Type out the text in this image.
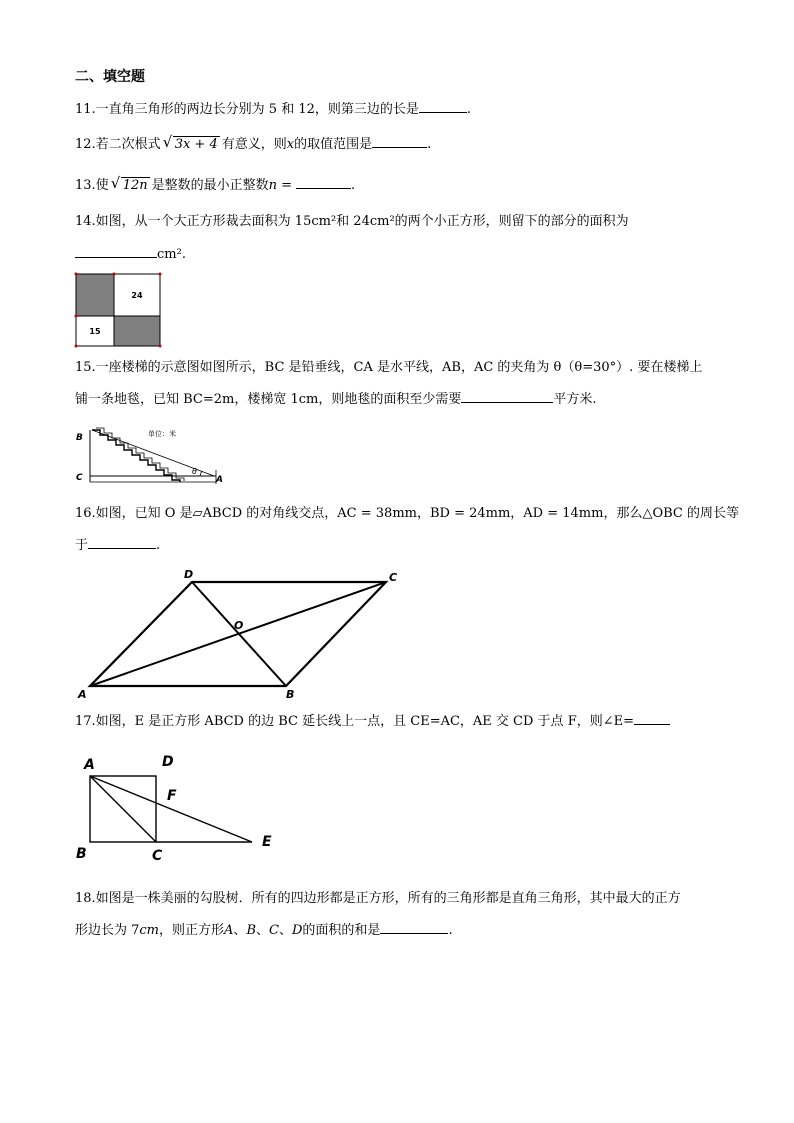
二、填空题
11.一直角三角形的两边长分别为 5 和 12，则第三边的长是	.
12.若二次根式 √ 3x + 4 有意义，则x的取值范围是	.
13.使 √ 12n 是整数的最小正整数n =	.
14.如图，从一个大正方形裁去面积为 15cm²和 24cm²的两个小正方形，则留下的部分的面积为
cm².
24
15
15.一座楼梯的示意图如图所示，BC 是铅垂线，CA 是水平线，AB，AC 的夹角为 θ（θ=30°）. 要在楼梯上
铺一条地毯，已知 BC=2m，楼梯宽 1cm，则地毯的面积至少需要	平方米.
B
C	A
θ
单位：米
16.如图，已知 O 是▱ABCD 的对角线交点，AC = 38mm，BD = 24mm，AD = 14mm，那么△OBC 的周长等
于	.
A	B
C
D
O
17.如图，E 是正方形 ABCD 的边 BC 延长线上一点，且 CE=AC，AE 交 CD 于点 F，则∠E=
A	D
F
B	C
E
18.如图是一株美丽的勾股树．所有的四边形都是正方形，所有的三角形都是直角三角形，其中最大的正方
形边长为 7cm，则正方形A、B、C、D的面积的和是	.
